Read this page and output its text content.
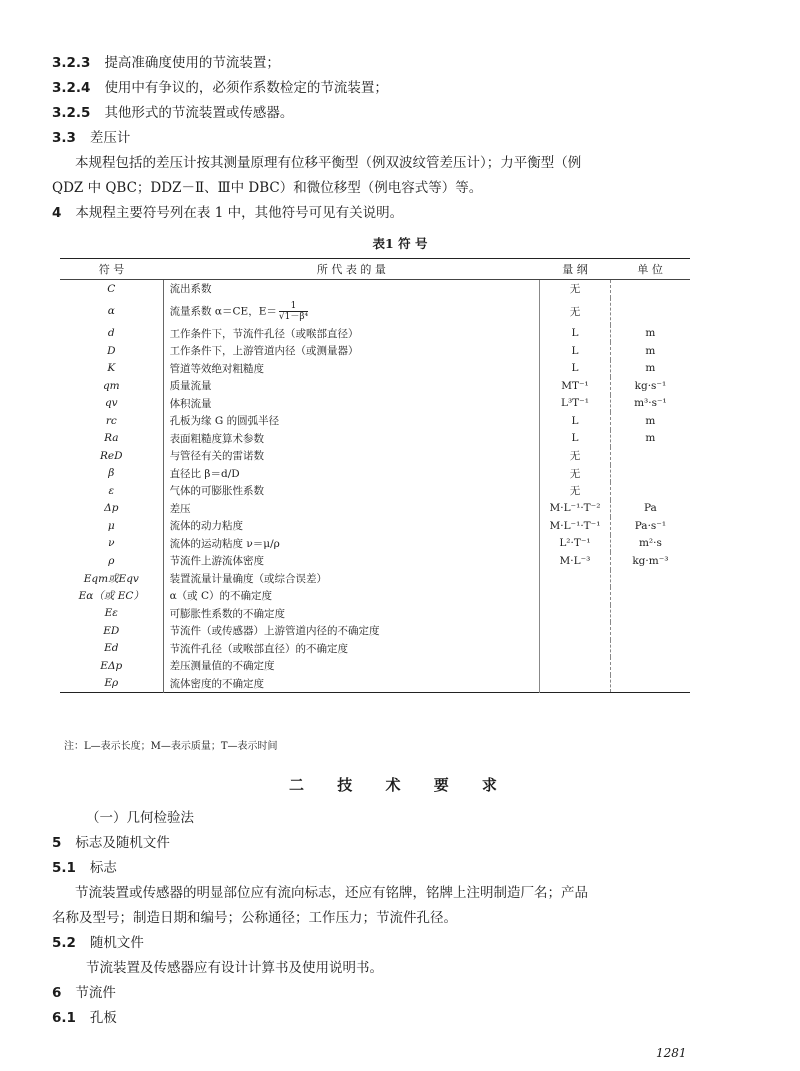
3.2.3 提高准确度使用的节流装置；
3.2.4 使用中有争议的，必须作系数检定的节流装置；
3.2.5 其他形式的节流装置或传感器。
3.3 差压计
本规程包括的差压计按其测量原理有位移平衡型（例双波纹管差压计）；力平衡型（例
QDZ 中 QBC；DDZ－Ⅱ、Ⅲ中 DBC）和微位移型（例电容式等）等。
4 本规程主要符号列在表 1 中，其他符号可见有关说明。
表1 符 号
符 号	所 代 表 的 量	量 纲	单 位
C	流出系数	无	
α	流量系数 α＝CE，$E= \frac{1}{\text{√1－β⁴}}$	无	
d	工作条件下，节流件孔径（或喉部直径）	L	m
D	工作条件下，上游管道内径（或测量器）	L	m
K	管道等效绝对粗糙度	L	m
qm	质量流量	MT⁻¹	kg·s⁻¹
qv	体积流量	L³T⁻¹	m³·s⁻¹
rc	孔板为缘 G 的圆弧半径	L	m
Ra	表面粗糙度算术参数	L	m
ReD	与管径有关的雷诺数	无	
β	直径比 β＝d/D	无	
ε	气体的可膨胀性系数	无	
Δp	差压	M·L⁻¹·T⁻²	Pa
μ	流体的动力粘度	M·L⁻¹·T⁻¹	Pa·s⁻¹
ν	流体的运动粘度 ν＝μ/ρ	L²·T⁻¹	m²·s
ρ	节流件上游流体密度	M·L⁻³	kg·m⁻³
Eqm或Eqv	装置流量计量确度（或综合误差）		
Eα（或 EC）	α（或 C）的不确定度		
Eε	可膨胀性系数的不确定度		
ED	节流件（或传感器）上游管道内径的不确定度		
Ed	节流件孔径（或喉部直径）的不确定度		
EΔp	差压测量值的不确定度		
Eρ	流体密度的不确定度		
注：L—表示长度；M—表示质量；T—表示时间
二 技 术 要 求
（一）几何检验法
5 标志及随机文件
5.1 标志
节流装置或传感器的明显部位应有流向标志，还应有铭牌，铭牌上注明制造厂名；产品
名称及型号；制造日期和编号；公称通径；工作压力；节流件孔径。
5.2 随机文件
节流装置及传感器应有设计计算书及使用说明书。
6 节流件
6.1 孔板
1281
